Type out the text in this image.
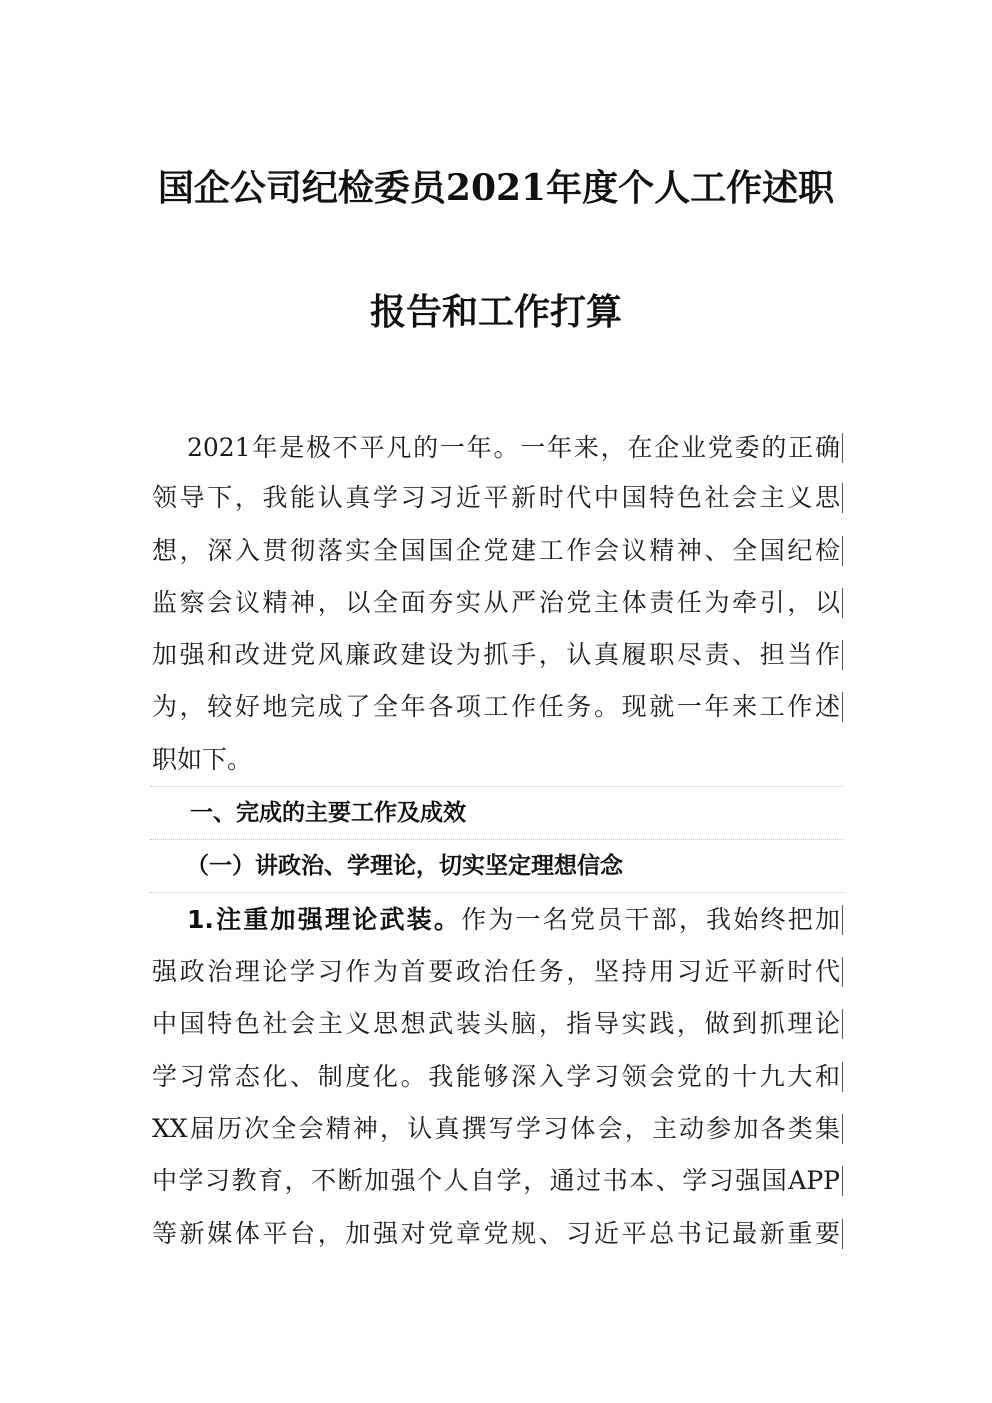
国企公司纪检委员2021年度个人工作述职
报告和工作打算
2021年是极不平凡的一年。一年来，在企业党委的正确
领导下，我能认真学习习近平新时代中国特色社会主义思
想，深入贯彻落实全国国企党建工作会议精神、全国纪检
监察会议精神，以全面夯实从严治党主体责任为牵引，以
加强和改进党风廉政建设为抓手，认真履职尽责、担当作
为，较好地完成了全年各项工作任务。现就一年来工作述
职如下。
一、完成的主要工作及成效
（一）讲政治、学理论，切实坚定理想信念
1.注重加强理论武装。作为一名党员干部，我始终把加
强政治理论学习作为首要政治任务，坚持用习近平新时代
中国特色社会主义思想武装头脑，指导实践，做到抓理论
学习常态化、制度化。我能够深入学习领会党的十九大和
XX届历次全会精神，认真撰写学习体会，主动参加各类集
中学习教育，不断加强个人自学，通过书本、学习强国APP
等新媒体平台，加强对党章党规、习近平总书记最新重要
